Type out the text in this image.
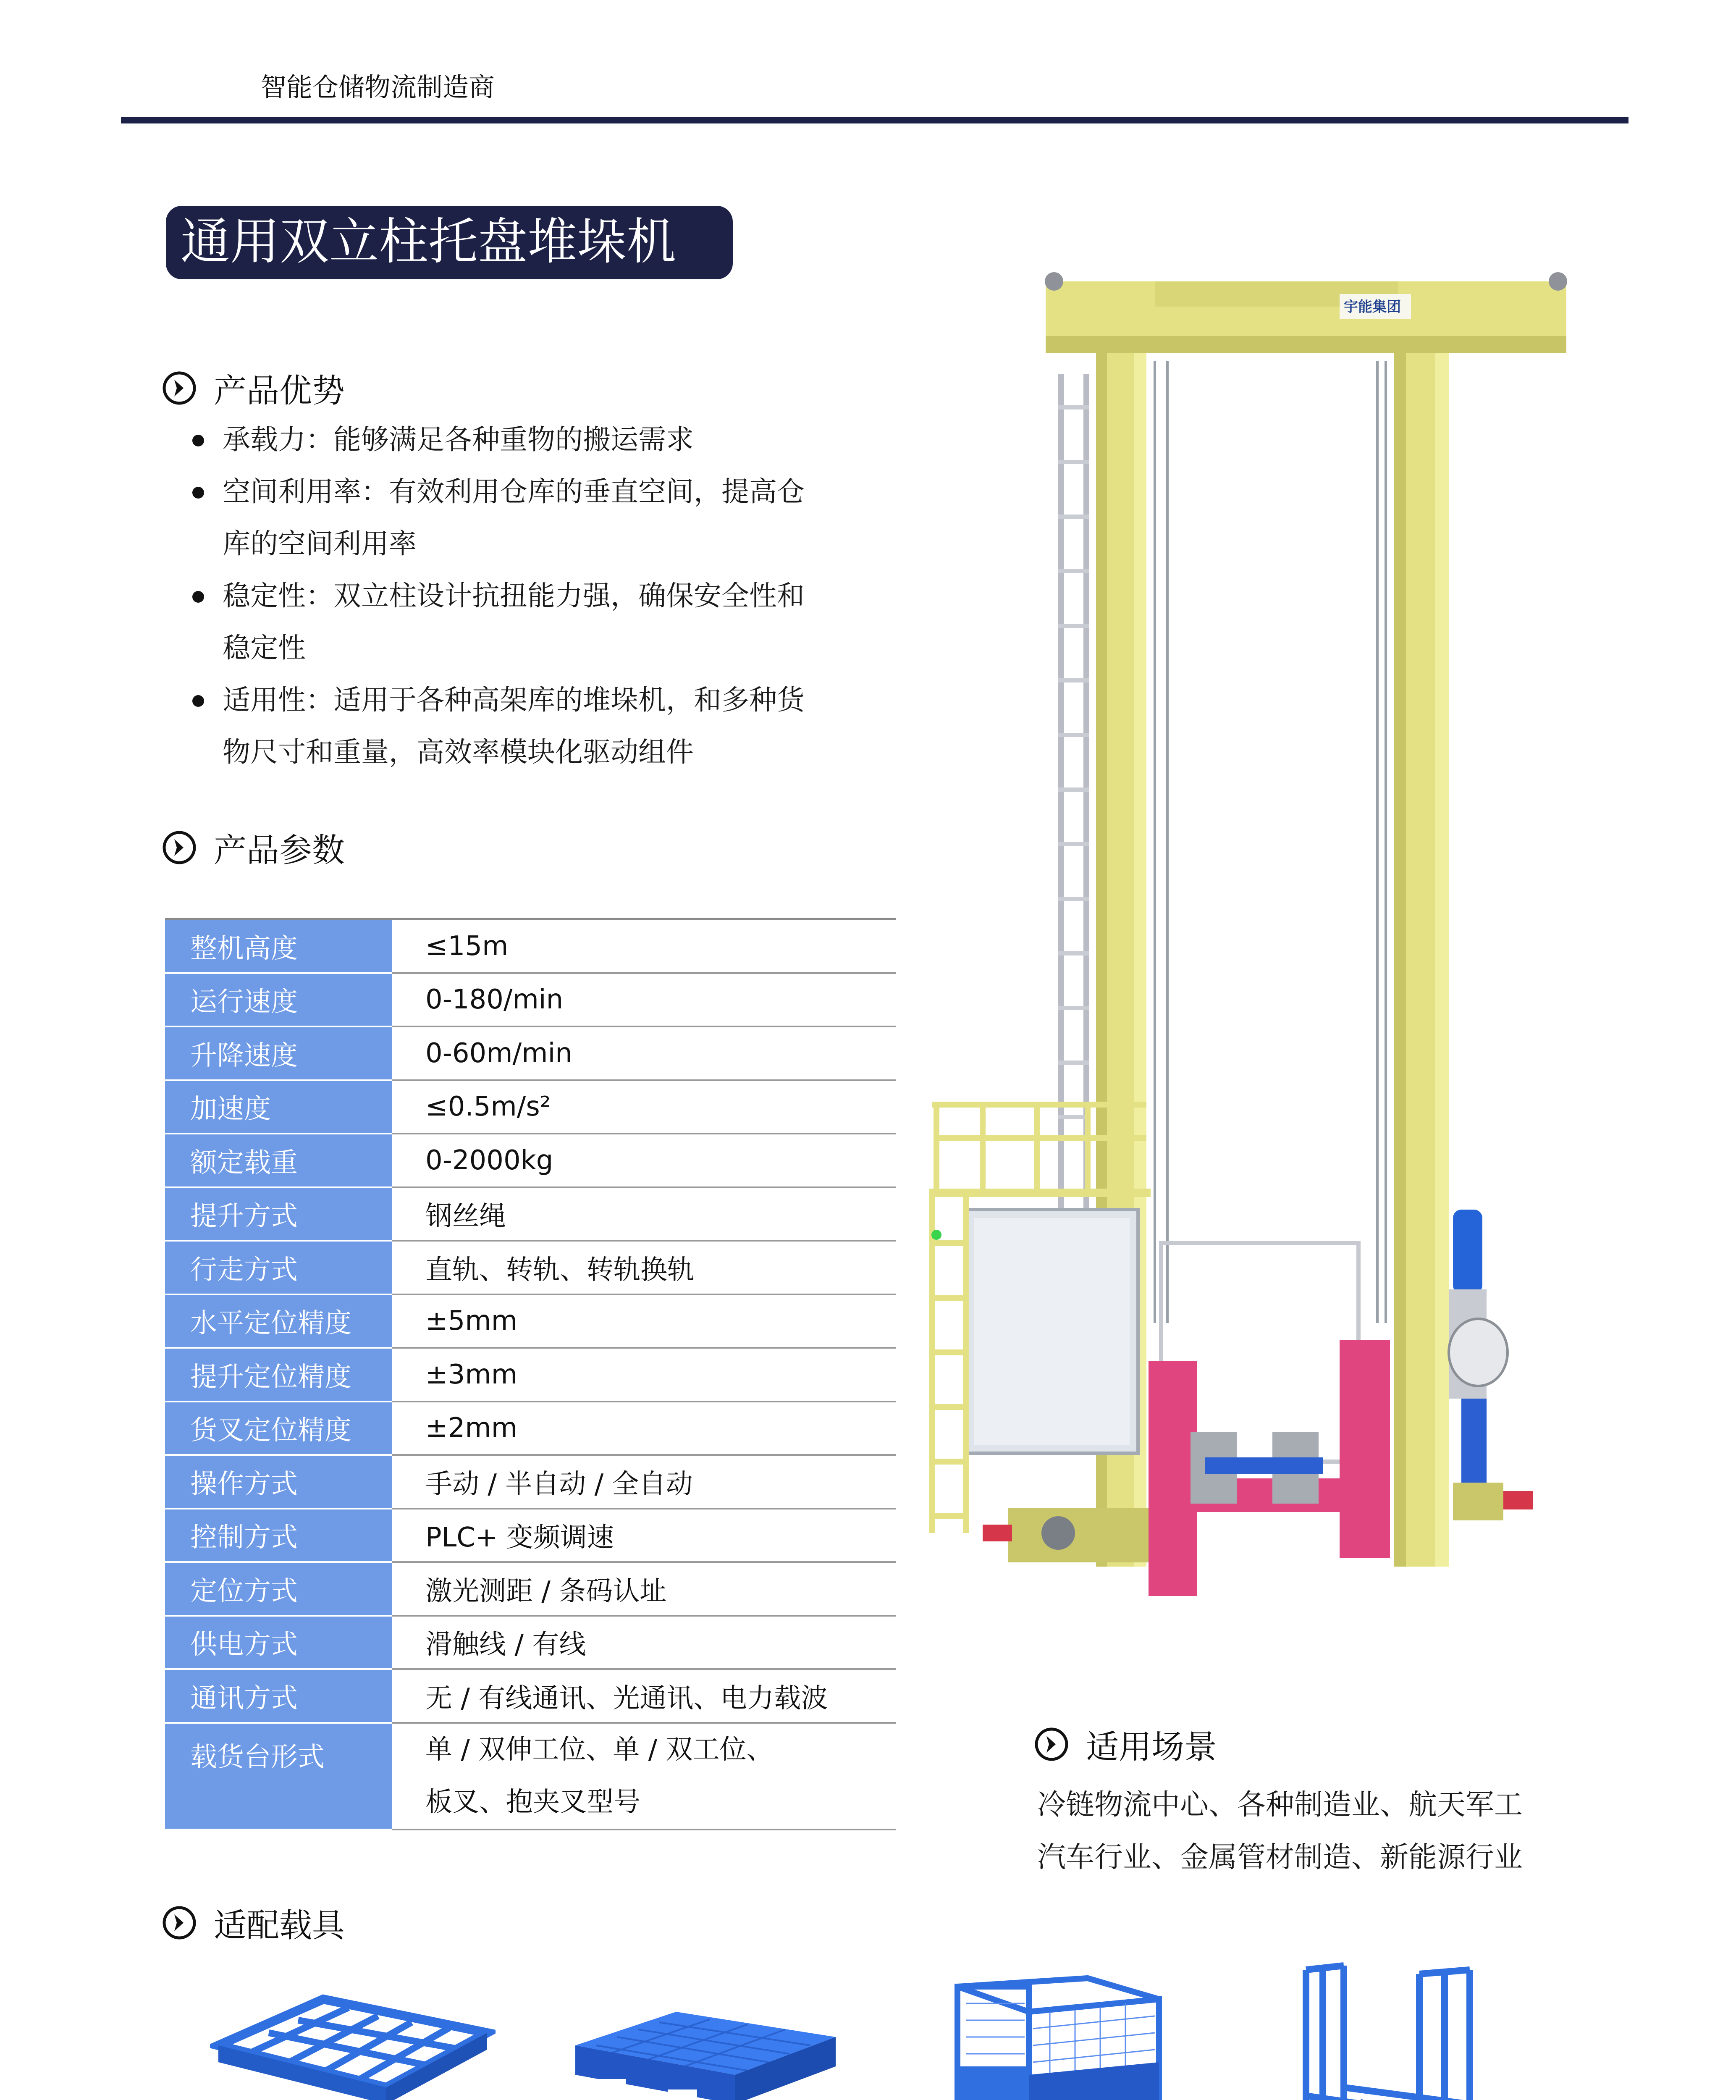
智能仓储物流制造商
通用双立柱托盘堆垛机
产品优势
承载力：能够满足各种重物的搬运需求
空间利用率：有效利用仓库的垂直空间，提高仓
库的空间利用率
稳定性：双立柱设计抗扭能力强，确保安全性和
稳定性
适用性：适用于各种高架库的堆垛机，和多种货
物尺寸和重量，高效率模块化驱动组件
产品参数
整机高度	≤15m
运行速度	0-180/min
升降速度	0-60m/min
加速度	≤0.5m/s²
额定载重	0-2000kg
提升方式	钢丝绳
行走方式	直轨、转轨、转轨换轨
水平定位精度	±5mm
提升定位精度	±3mm
货叉定位精度	±2mm
操作方式	手动 / 半自动 / 全自动
控制方式	PLC+ 变频调速
定位方式	激光测距 / 条码认址
供电方式	滑触线 / 有线
通讯方式	无 / 有线通讯、光通讯、电力载波
载货台形式	单 / 双伸工位、单 / 双工位、
板叉、抱夹叉型号
宇能集团
适用场景
冷链物流中心、各种制造业、航天军工
汽车行业、金属管材制造、新能源行业
适配载具
